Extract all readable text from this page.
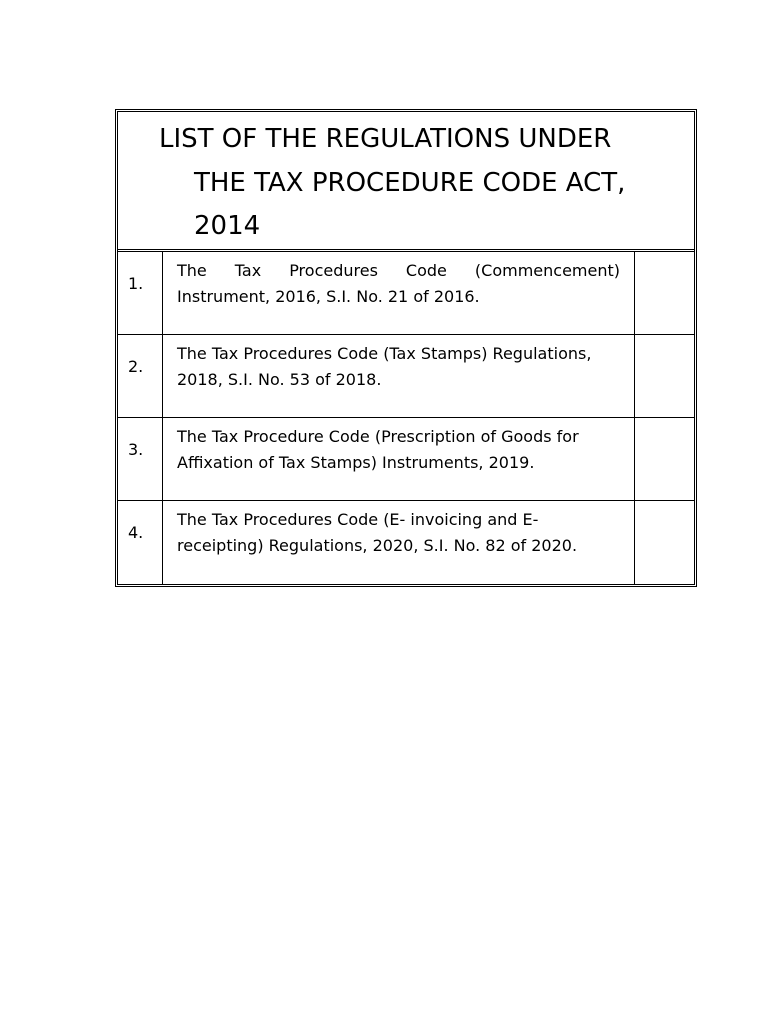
LIST OF THE REGULATIONS UNDER
THE TAX PROCEDURE CODE ACT,
2014
1.
The Tax Procedures Code (Commencement)
Instrument, 2016, S.I. No. 21 of 2016.
2.
The Tax Procedures Code (Tax Stamps) Regulations,
2018, S.I. No. 53 of 2018.
3.
The Tax Procedure Code (Prescription of Goods for
Affixation of Tax Stamps) Instruments, 2019.
4.
The Tax Procedures Code (E- invoicing and E-
receipting) Regulations, 2020, S.I. No. 82 of 2020.
